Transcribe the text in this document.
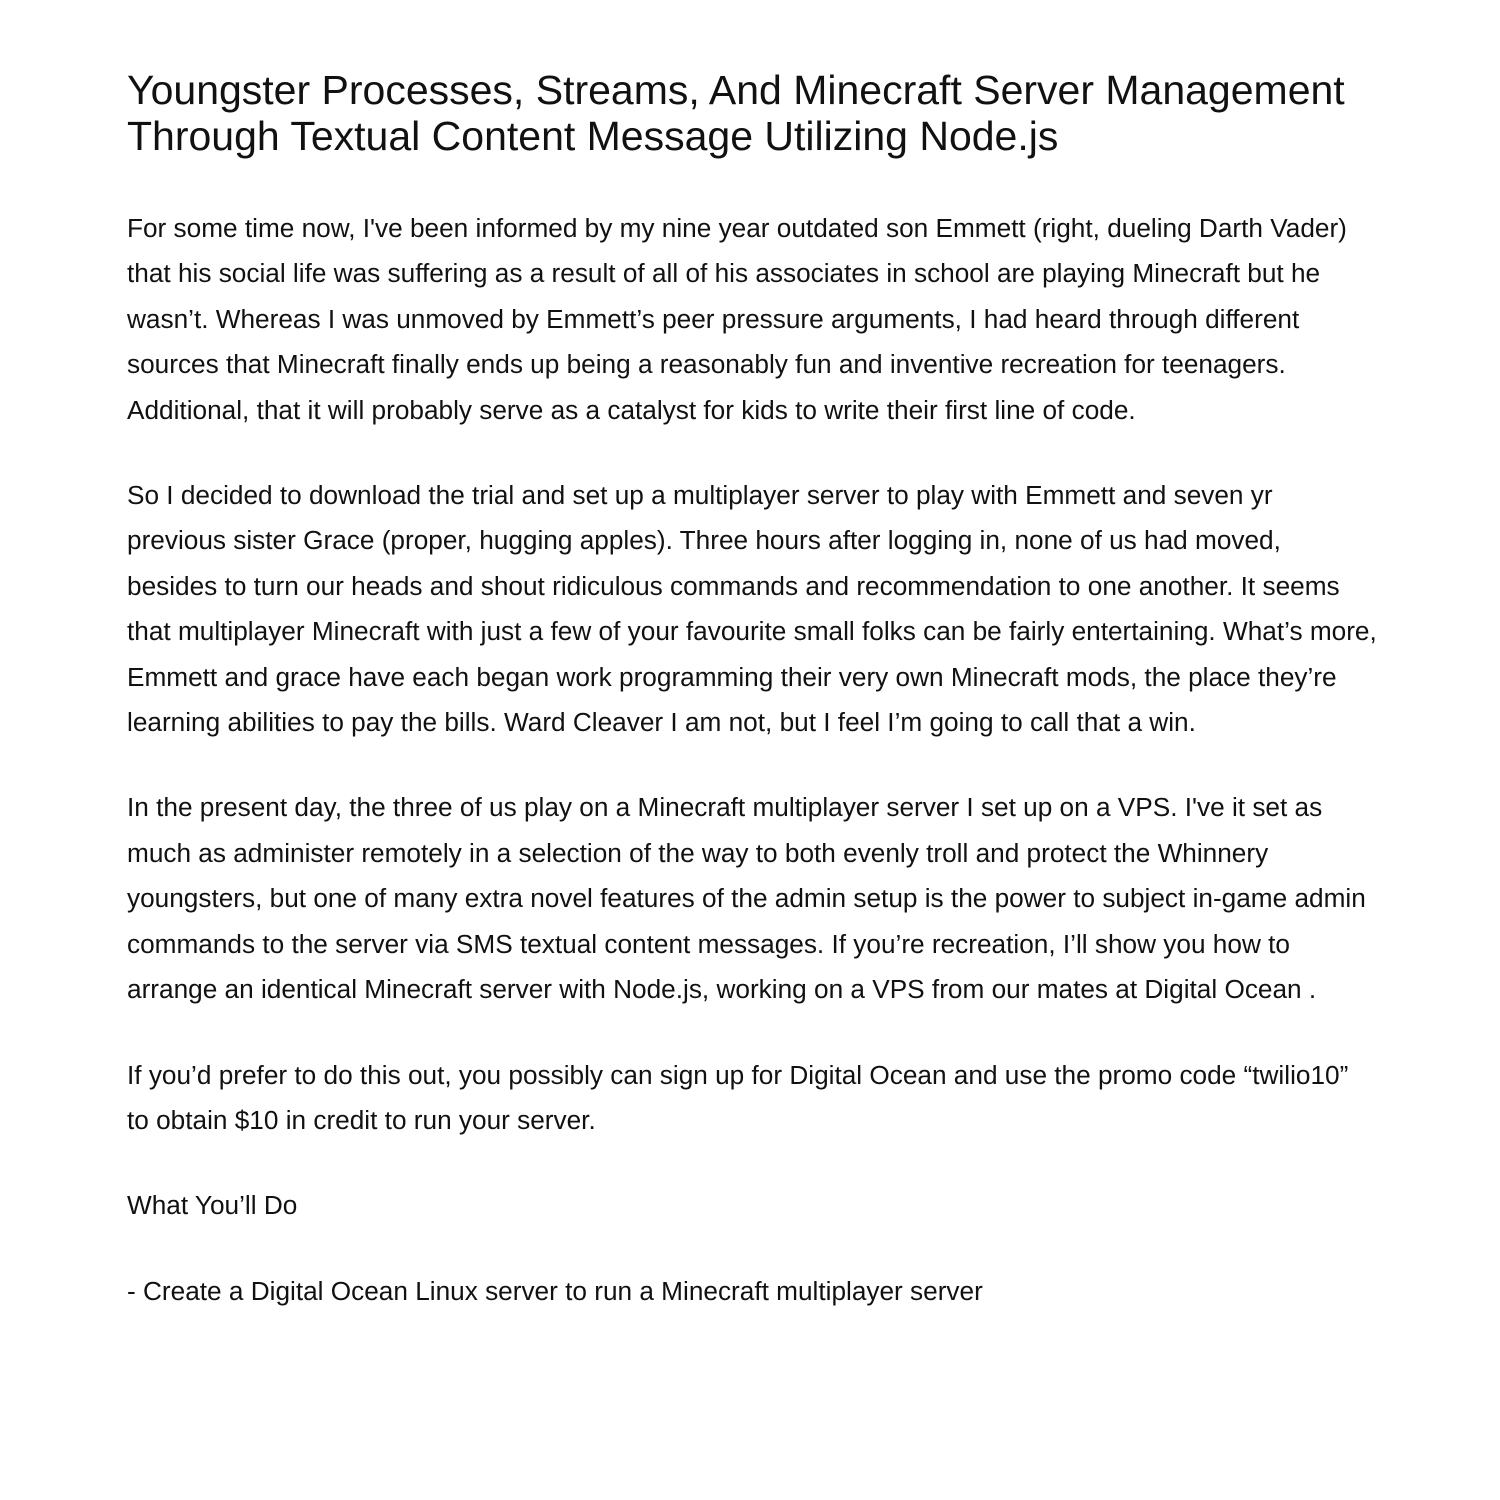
Youngster Processes, Streams, And Minecraft Server Management Through Textual Content Message Utilizing Node.js

For some time now, I've been informed by my nine year outdated son Emmett (right, dueling Darth Vader) that his social life was suffering as a result of all of his associates in school are playing Minecraft but he wasn’t. Whereas I was unmoved by Emmett’s peer pressure arguments, I had heard through different sources that Minecraft finally ends up being a reasonably fun and inventive recreation for teenagers. Additional, that it will probably serve as a catalyst for kids to write their first line of code.

So I decided to download the trial and set up a multiplayer server to play with Emmett and seven yr previous sister Grace (proper, hugging apples). Three hours after logging in, none of us had moved, besides to turn our heads and shout ridiculous commands and recommendation to one another. It seems that multiplayer Minecraft with just a few of your favourite small folks can be fairly entertaining. What’s more, Emmett and grace have each began work programming their very own Minecraft mods, the place they’re learning abilities to pay the bills. Ward Cleaver I am not, but I feel I’m going to call that a win.

In the present day, the three of us play on a Minecraft multiplayer server I set up on a VPS. I've it set as much as administer remotely in a selection of the way to both evenly troll and protect the Whinnery youngsters, but one of many extra novel features of the admin setup is the power to subject in-game admin commands to the server via SMS textual content messages. If you’re recreation, I’ll show you how to arrange an identical Minecraft server with Node.js, working on a VPS from our mates at Digital Ocean .

If you’d prefer to do this out, you possibly can sign up for Digital Ocean and use the promo code “twilio10” to obtain $10 in credit to run your server.

What You’ll Do

- Create a Digital Ocean Linux server to run a Minecraft multiplayer server
